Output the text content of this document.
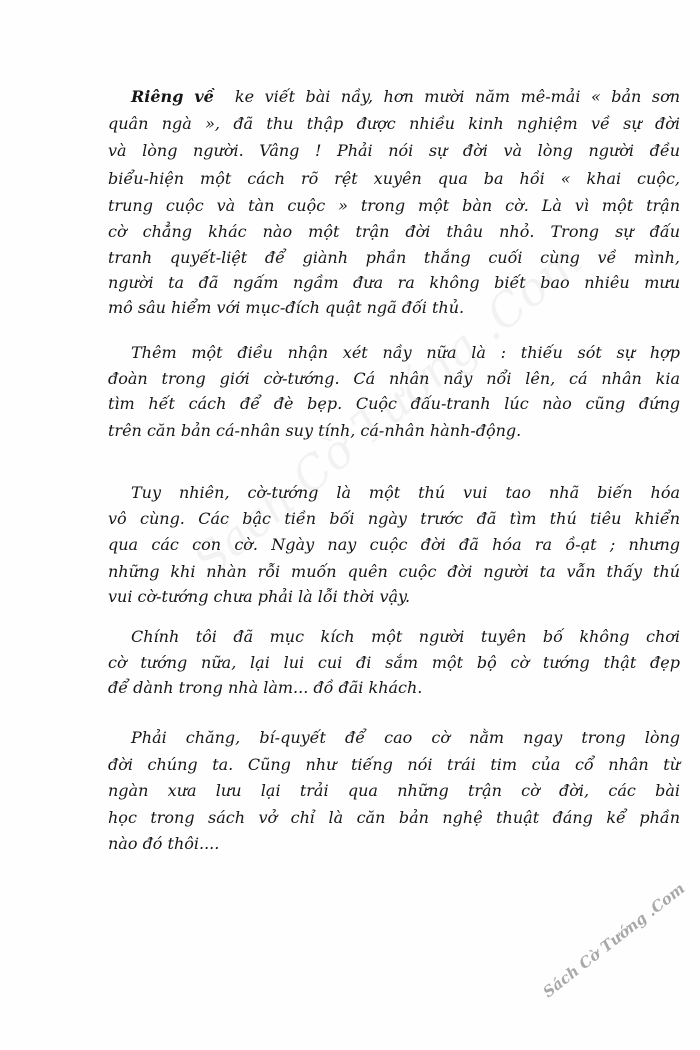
Riêng về ke viết bài nầy, hơn mười năm mê-mải « bản sơn
quân ngà », đã thu thập được nhiều kinh nghiệm về sự đời
và lòng người. Vâng ! Phải nói sự đời và lòng người đều
biểu-hiện một cách rõ rệt xuyên qua ba hồi « khai cuộc,
trung cuộc và tàn cuộc » trong một bàn cờ. Là vì một trận
cờ chẳng khác nào một trận đời thâu nhỏ. Trong sự đấu
tranh quyết-liệt để giành phần thắng cuối cùng về mình,
người ta đã ngấm ngầm đưa ra không biết bao nhiêu mưu
mô sâu hiểm với mục-đích quật ngã đối thủ.
Thêm một điều nhận xét nầy nữa là : thiếu sót sự hợp
đoàn trong giới cờ-tướng. Cá nhân nầy nổi lên, cá nhân kia
tìm hết cách để đè bẹp. Cuộc đấu-tranh lúc nào cũng đứng
trên căn bản cá-nhân suy tính, cá-nhân hành-động.
Tuy nhiên, cờ-tướng là một thú vui tao nhã biến hóa
vô cùng. Các bậc tiền bối ngày trước đã tìm thú tiêu khiển
qua các con cờ. Ngày nay cuộc đời đã hóa ra ồ-ạt ; nhưng
những khi nhàn rỗi muốn quên cuộc đời người ta vẫn thấy thú
vui cờ-tướng chưa phải là lỗi thời vậy.
Chính tôi đã mục kích một người tuyên bố không chơi
cờ tướng nữa, lại lui cui đi sắm một bộ cờ tướng thật đẹp
để dành trong nhà làm... đồ đãi khách.
Phải chăng, bí-quyết để cao cờ nằm ngay trong lòng
đời chúng ta. Cũng như tiếng nói trái tim của cổ nhân từ
ngàn xưa lưu lại trải qua những trận cờ đời, các bài
học trong sách vở chỉ là căn bản nghệ thuật đáng kể phần
nào đó thôi....
Sách Cờ Tướng .Com
